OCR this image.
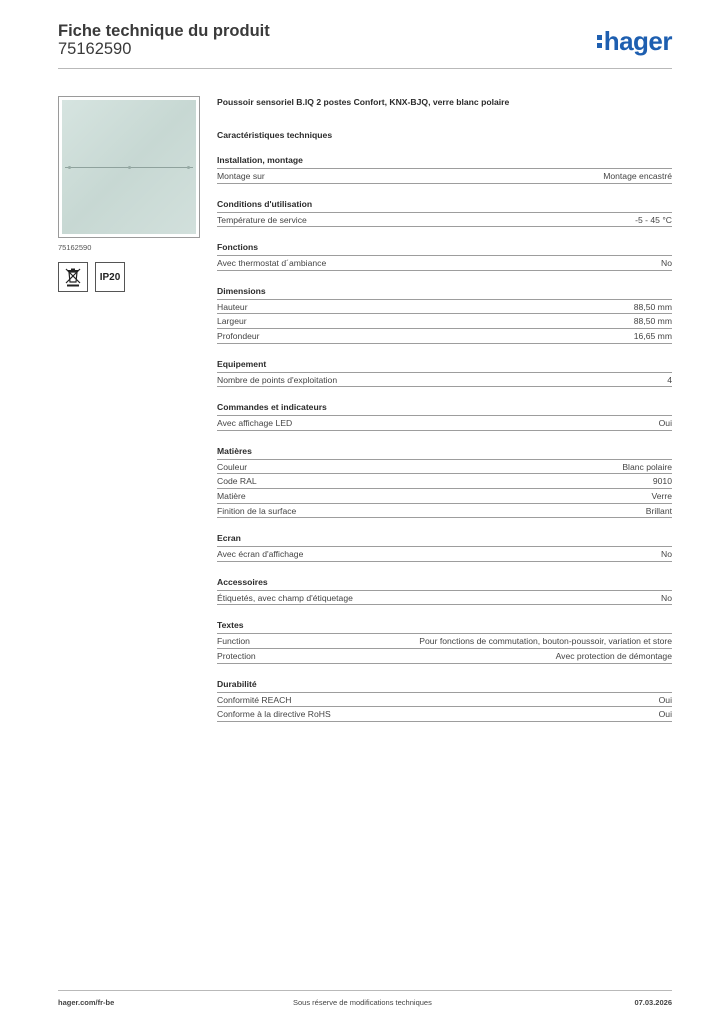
Fiche technique du produit
75162590	hager
75162590
IP20
Poussoir sensoriel B.IQ 2 postes Confort, KNX-BJQ, verre blanc polaire
Caractéristiques techniques
Installation, montage
Montage sur	Montage encastré
Conditions d'utilisation
Température de service	-5 - 45 °C
Fonctions
Avec thermostat d´ambiance	No
Dimensions
Hauteur	88,50 mm
Largeur	88,50 mm
Profondeur	16,65 mm
Equipement
Nombre de points d'exploitation	4
Commandes et indicateurs
Avec affichage LED	Oui
Matières
Couleur	Blanc polaire
Code RAL	9010
Matière	Verre
Finition de la surface	Brillant
Ecran
Avec écran d'affichage	No
Accessoires
Étiquetés, avec champ d'étiquetage	No
Textes
Function	Pour fonctions de commutation, bouton-poussoir, variation et store
Protection	Avec protection de démontage
Durabilité
Conformité REACH	Oui
Conforme à la directive RoHS	Oui
hager.com/fr-be	Sous réserve de modifications techniques	07.03.2026
